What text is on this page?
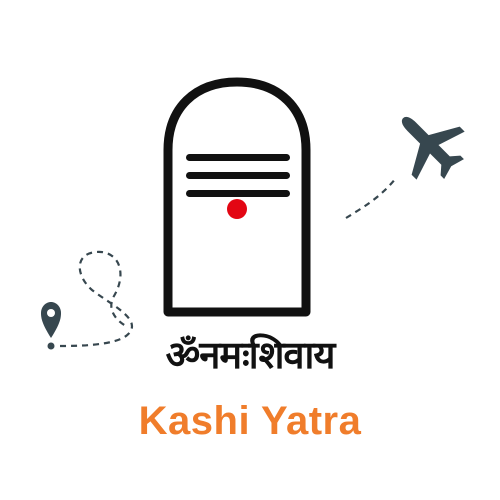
ॐनमःशिवाय
Kashi Yatra
